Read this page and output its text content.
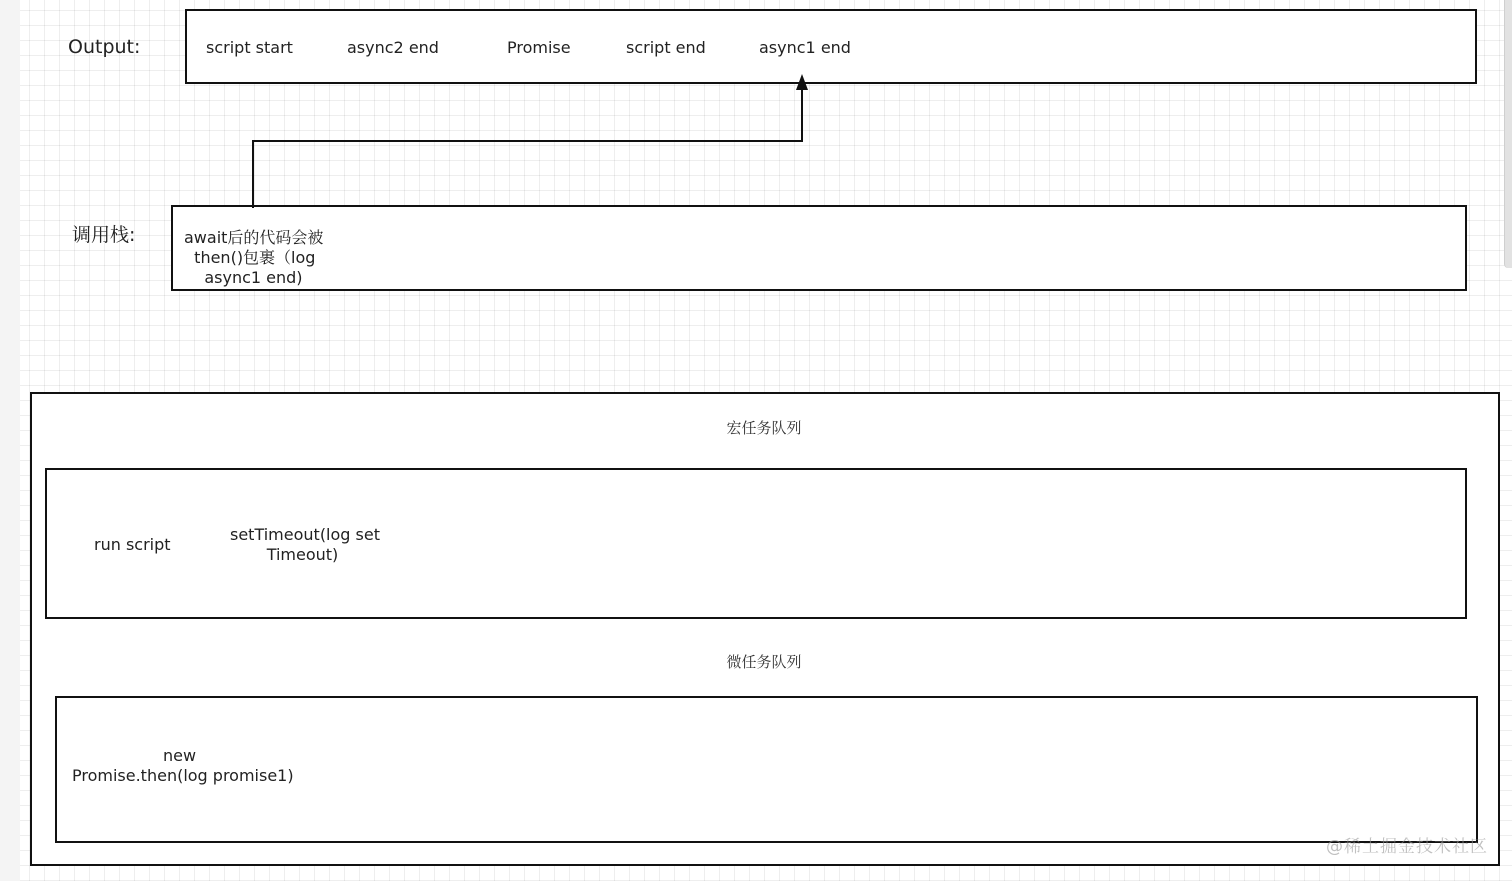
Output:	script start	async2 end	Promise	script end	async1 end
调用栈:	await后的代码会被
then()包裹（log
async1 end)
宏任务队列
run script
setTimeout(log set
Timeout)
微任务队列
new
Promise.then(log promise1)
@稀土掘金技术社区
